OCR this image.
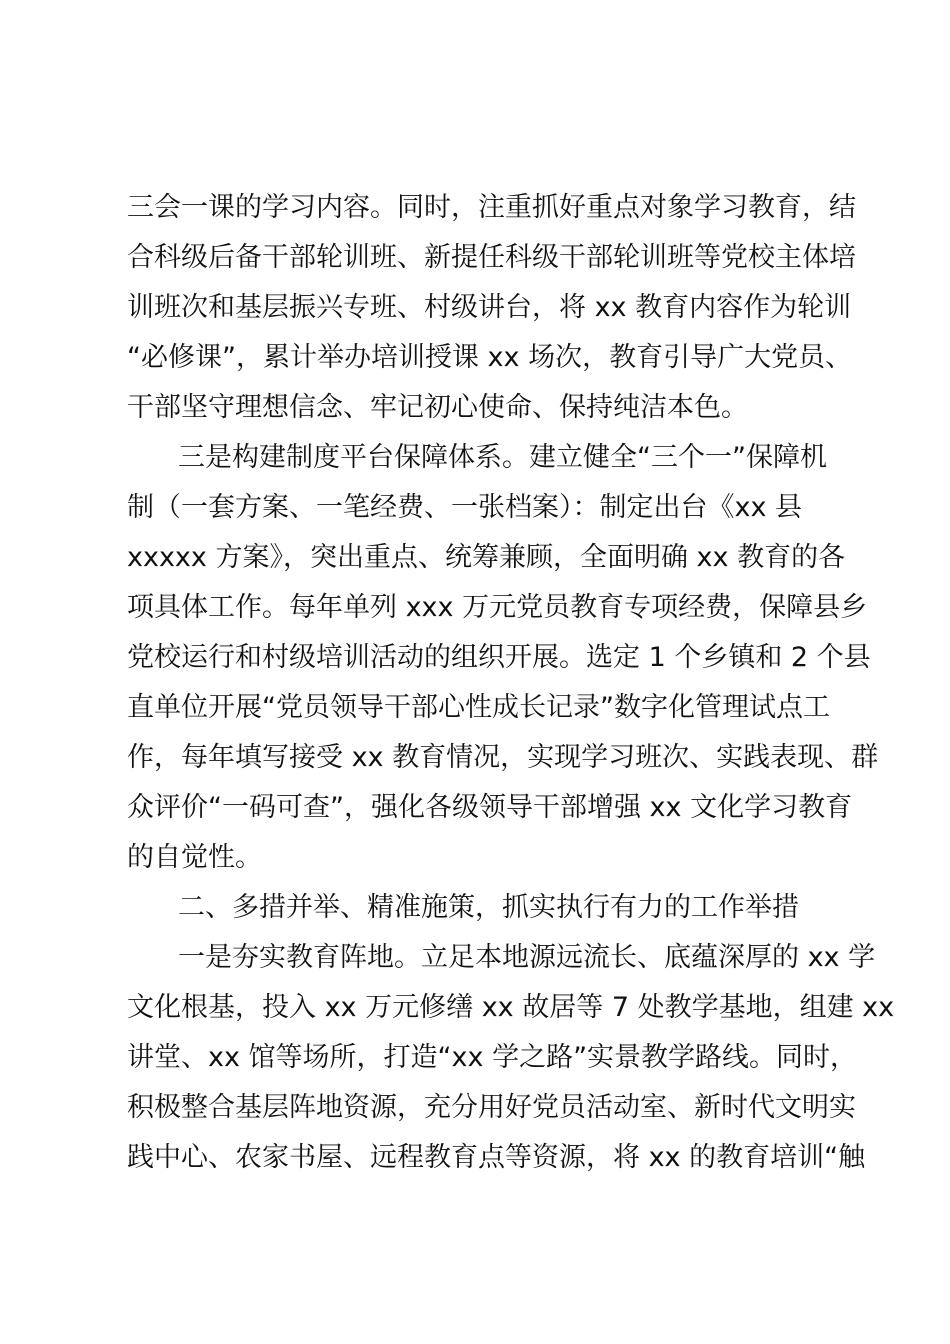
三会一课的学习内容。同时，注重抓好重点对象学习教育，结
合科级后备干部轮训班、新提任科级干部轮训班等党校主体培
训班次和基层振兴专班、村级讲台，将 xx 教育内容作为轮训
“必修课”，累计举办培训授课 xx 场次，教育引导广大党员、
干部坚守理想信念、牢记初心使命、保持纯洁本色。
三是构建制度平台保障体系。建立健全“三个一”保障机
制（一套方案、一笔经费、一张档案）：制定出台《xx 县
xxxxx 方案》，突出重点、统筹兼顾，全面明确 xx 教育的各
项具体工作。每年单列 xxx 万元党员教育专项经费，保障县乡
党校运行和村级培训活动的组织开展。选定 1 个乡镇和 2 个县
直单位开展“党员领导干部心性成长记录”数字化管理试点工
作，每年填写接受 xx 教育情况，实现学习班次、实践表现、群
众评价“一码可查”，强化各级领导干部增强 xx 文化学习教育
的自觉性。
二、多措并举、精准施策，抓实执行有力的工作举措
一是夯实教育阵地。立足本地源远流长、底蕴深厚的 xx 学
文化根基，投入 xx 万元修缮 xx 故居等 7 处教学基地，组建 xx
讲堂、xx 馆等场所，打造“xx 学之路”实景教学路线。同时，
积极整合基层阵地资源，充分用好党员活动室、新时代文明实
践中心、农家书屋、远程教育点等资源，将 xx 的教育培训“触
